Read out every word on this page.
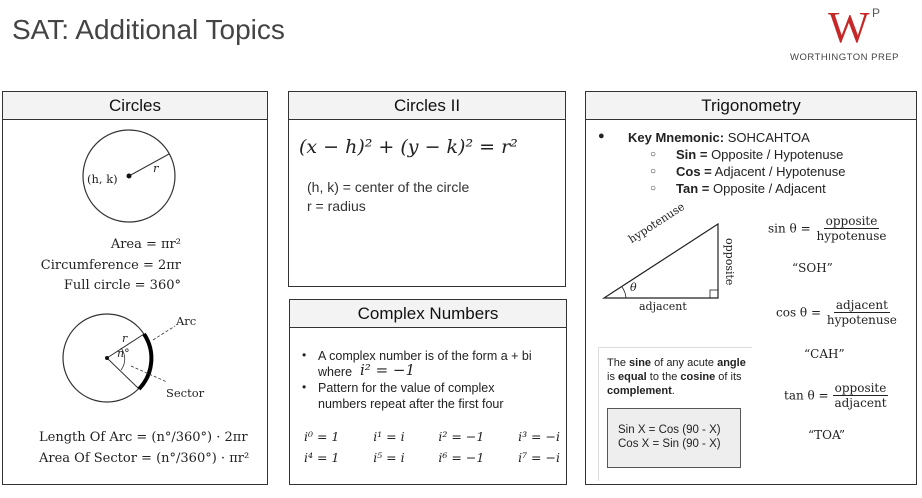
SAT: Additional Topics	W P
WORTHINGTON PREP
Circles
(h, k)
r
Area = πr²
Circumference = 2πr
Full circle = 360°
Arc
Sector
n°
r
Length Of Arc = (n°/360°) · 2πr
Area Of Sector = (n°/360°) · πr²
Circles II
(x − h)² + (y − k)² = r²
(h, k) = center of the circle
r = radius
Complex Numbers
• A complex number is of the form a + bi
where i² = −1
• Pattern for the value of complex
numbers repeat after the first four
i⁰ = 1	i¹ = i	i² = −1	i³ = −i
i⁴ = 1	i⁵ = i	i⁶ = −1	i⁷ = −i
Trigonometry
● Key Mnemonic: SOHCAHTOA
○ Sin = Opposite / Hypotenuse
○ Cos = Adjacent / Hypotenuse
○ Tan = Opposite / Adjacent
hypotenuse
opposite
adjacent
θ
$\sin \theta = \frac{\text{opposite}}{\text{hypotenuse}}$
“SOH”
$\cos \theta = \frac{\text{adjacent}}{\text{hypotenuse}}$
“CAH”
$\tan \theta = \frac{\text{opposite}}{\text{adjacent}}$
“TOA”
The sine of any acute angle is equal to the cosine of its complement.
Sin X = Cos (90 - X)
Cos X = Sin (90 - X)
